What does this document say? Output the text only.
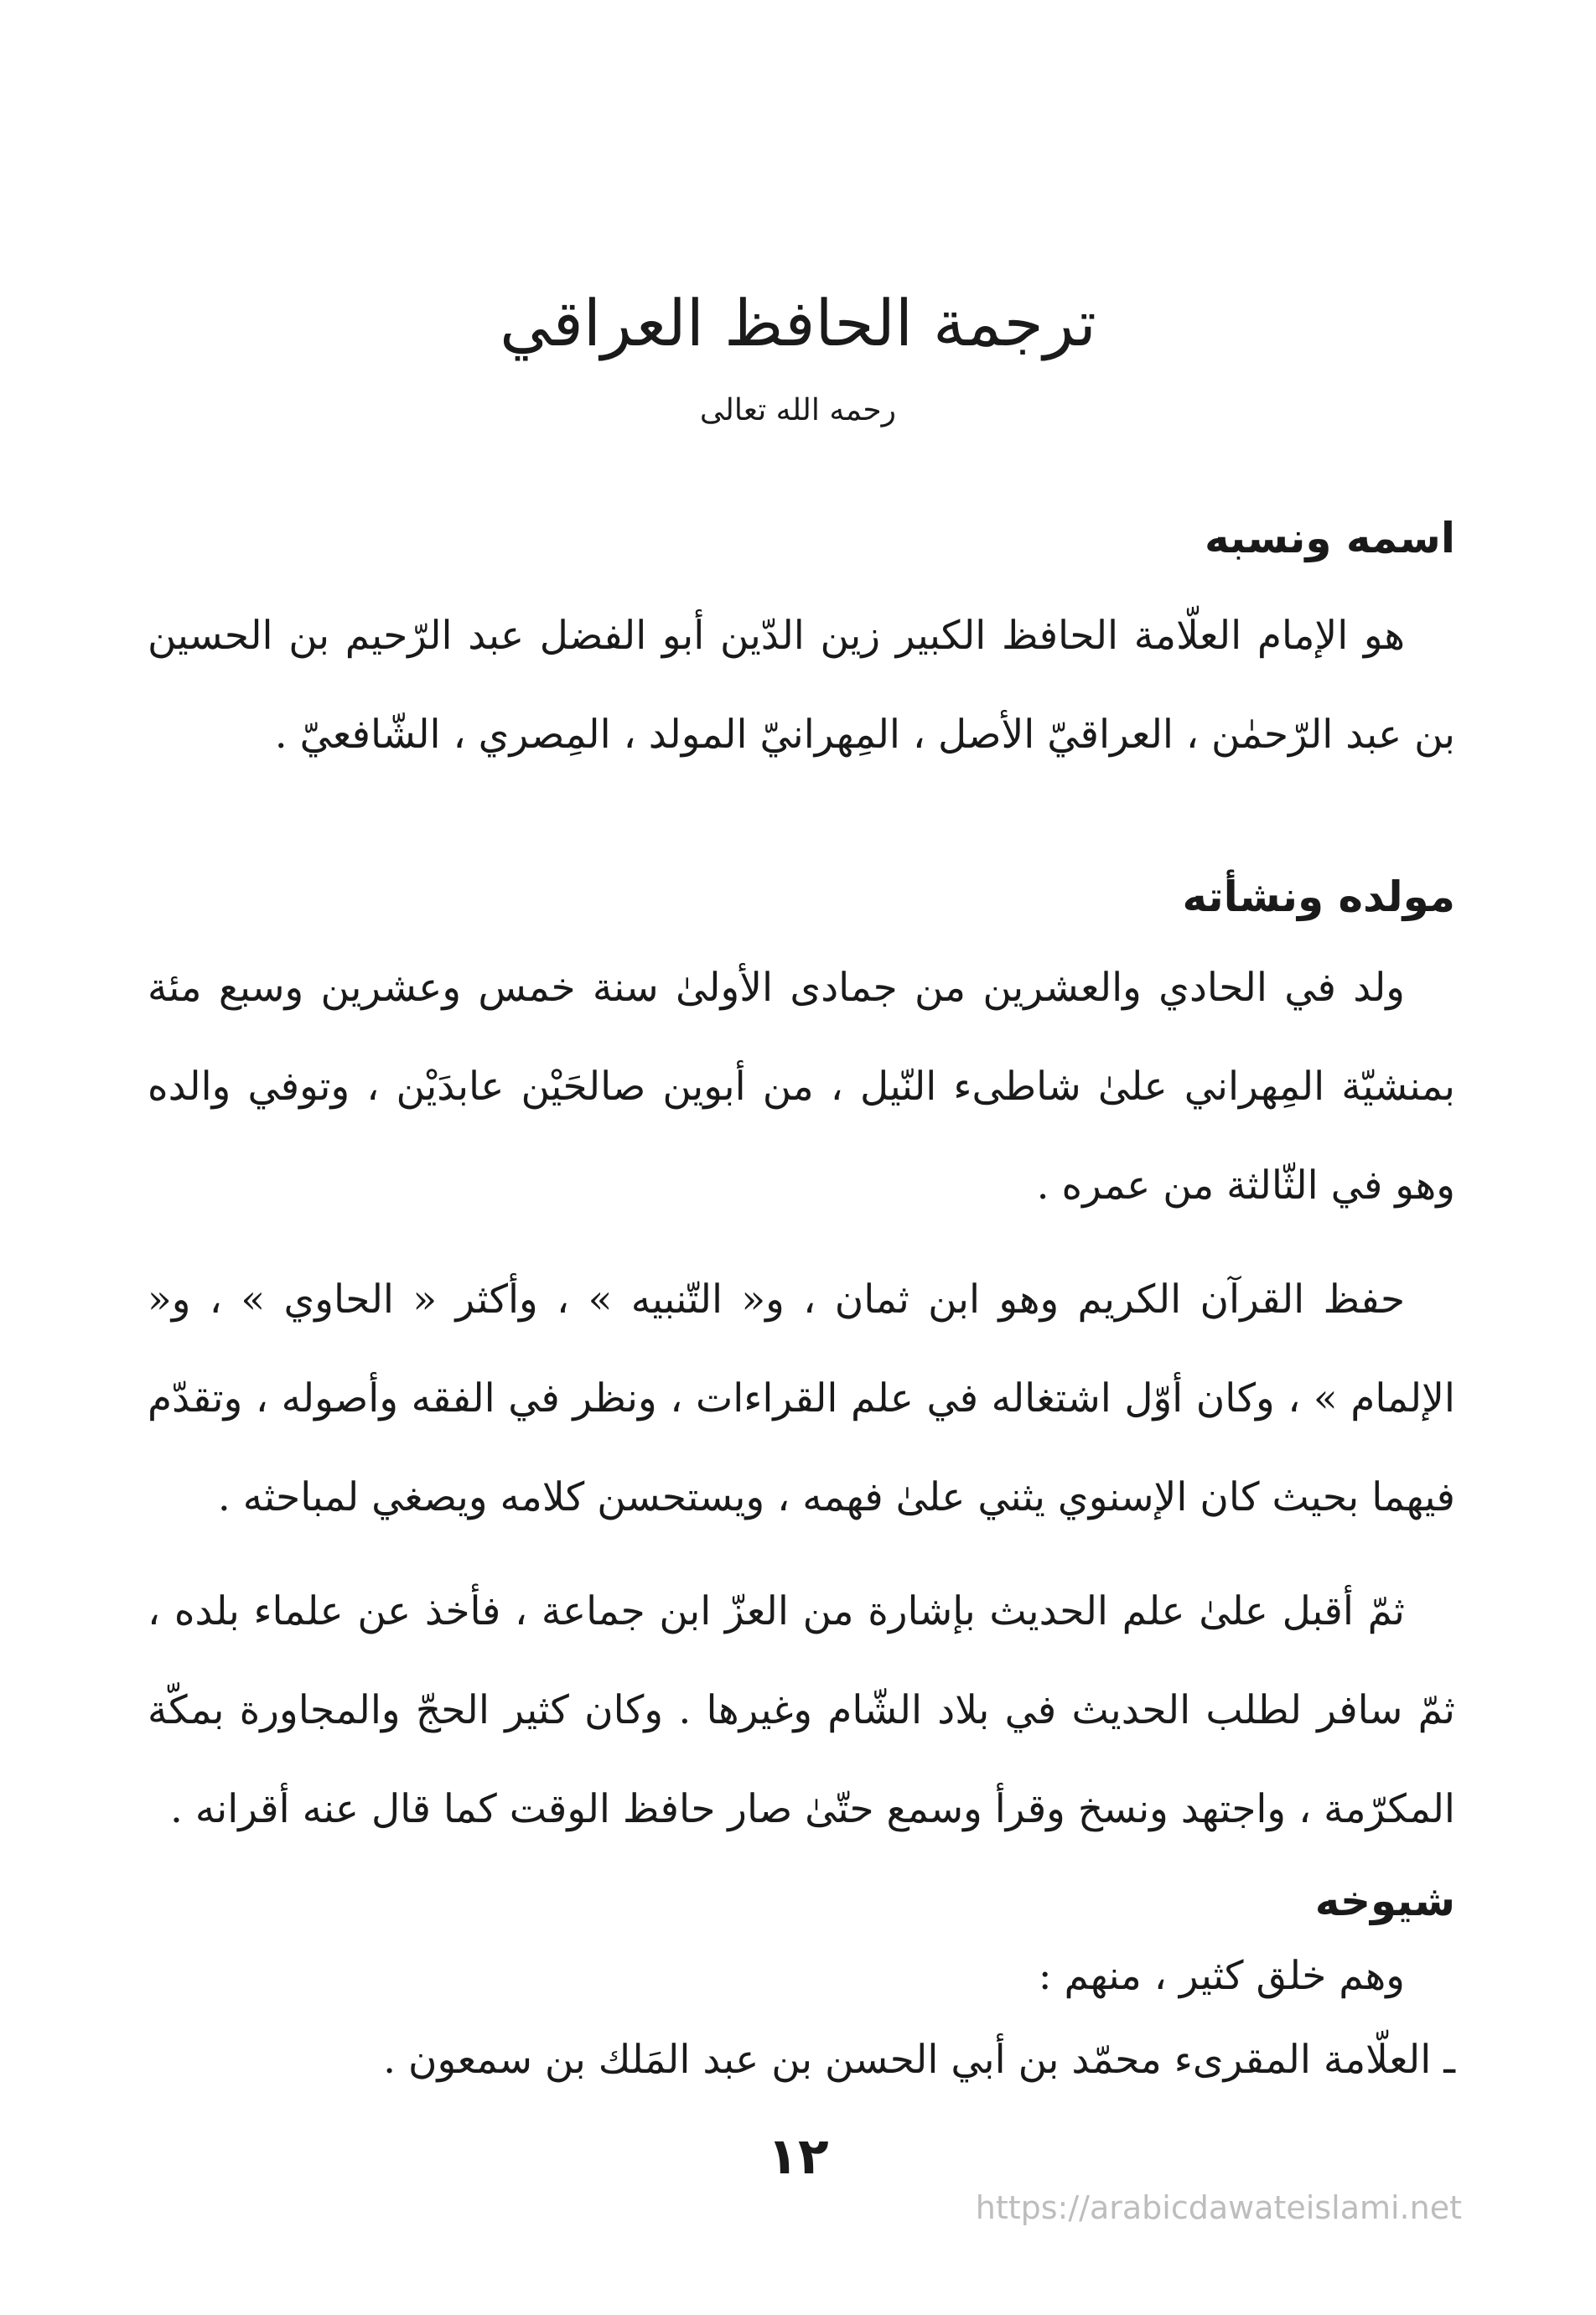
ترجمة الحافظ العراقي
رحمه الله تعالى
اسمه ونسبه

هو الإمام العلّامة الحافظ الكبير زين الدّين أبو الفضل عبد الرّحيم بن الحسين بن عبد الرّحمٰن ، العراقيّ الأصل ، المِهرانيّ المولد ، المِصري ، الشّافعيّ .

مولده ونشأته

ولد في الحادي والعشرين من جمادى الأولىٰ سنة خمس وعشرين وسبع مئة بمنشيّة المِهراني علىٰ شاطىء النّيل ، من أبوين صالحَيْن عابدَيْن ، وتوفي والده وهو في الثّالثة من عمره .

حفظ القرآن الكريم وهو ابن ثمان ، و« التّنبيه » ، وأكثر « الحاوي » ، و« الإلمام » ، وكان أوّل اشتغاله في علم القراءات ، ونظر في الفقه وأصوله ، وتقدّم فيهما بحيث كان الإسنوي يثني علىٰ فهمه ، ويستحسن كلامه ويصغي لمباحثه .

ثمّ أقبل علىٰ علم الحديث بإشارة من العزّ ابن جماعة ، فأخذ عن علماء بلده ، ثمّ سافر لطلب الحديث في بلاد الشّام وغيرها . وكان كثير الحجّ والمجاورة بمكّة المكرّمة ، واجتهد ونسخ وقرأ وسمع حتّىٰ صار حافظ الوقت كما قال عنه أقرانه .

شيوخه
وهم خلق كثير ، منهم :
ـ العلّامة المقرىء محمّد بن أبي الحسن بن عبد المَلك بن سمعون .
١٢
https://arabicdawateislami.net
